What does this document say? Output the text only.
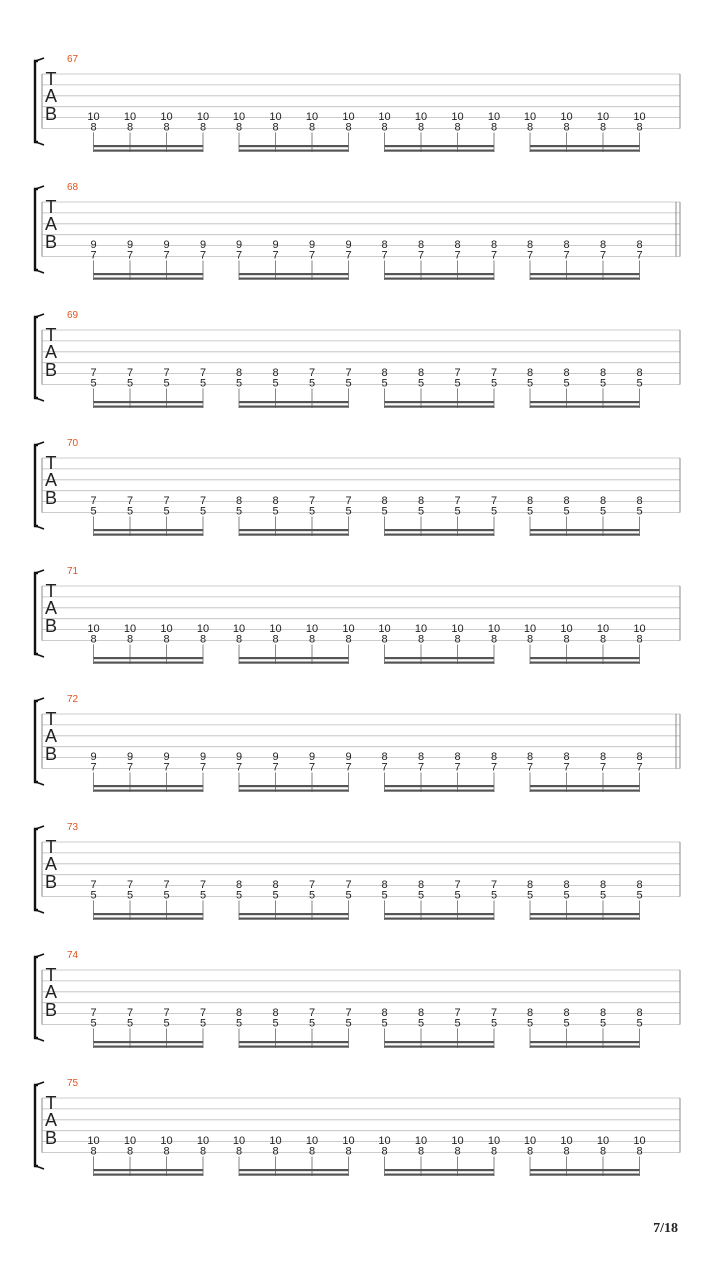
67
T
A
B	10
8
10
8
10
8
10
8
10
8
10
8
10
8
10
8
10
8
10
8
10
8
10
8
10
8
10
8
10
8
10
8
68
T
A
B	9
7
9
7
9
7
9
7
9
7
9
7
9
7
9
7
8
7
8
7
8
7
8
7
8
7
8
7
8
7
8
7
69
T
A
B	7
5
7
5
7
5
7
5
8
5
8
5
7
5
7
5
8
5
8
5
7
5
7
5
8
5
8
5
8
5
8
5
70
T
A
B	7
5
7
5
7
5
7
5
8
5
8
5
7
5
7
5
8
5
8
5
7
5
7
5
8
5
8
5
8
5
8
5
71
T
A
B	10
8
10
8
10
8
10
8
10
8
10
8
10
8
10
8
10
8
10
8
10
8
10
8
10
8
10
8
10
8
10
8
72
T
A
B	9
7
9
7
9
7
9
7
9
7
9
7
9
7
9
7
8
7
8
7
8
7
8
7
8
7
8
7
8
7
8
7
73
T
A
B	7
5
7
5
7
5
7
5
8
5
8
5
7
5
7
5
8
5
8
5
7
5
7
5
8
5
8
5
8
5
8
5
74
T
A
B	7
5
7
5
7
5
7
5
8
5
8
5
7
5
7
5
8
5
8
5
7
5
7
5
8
5
8
5
8
5
8
5
75
T
A
B	10
8
10
8
10
8
10
8
10
8
10
8
10
8
10
8
10
8
10
8
10
8
10
8
10
8
10
8
10
8
10
8
7/18
